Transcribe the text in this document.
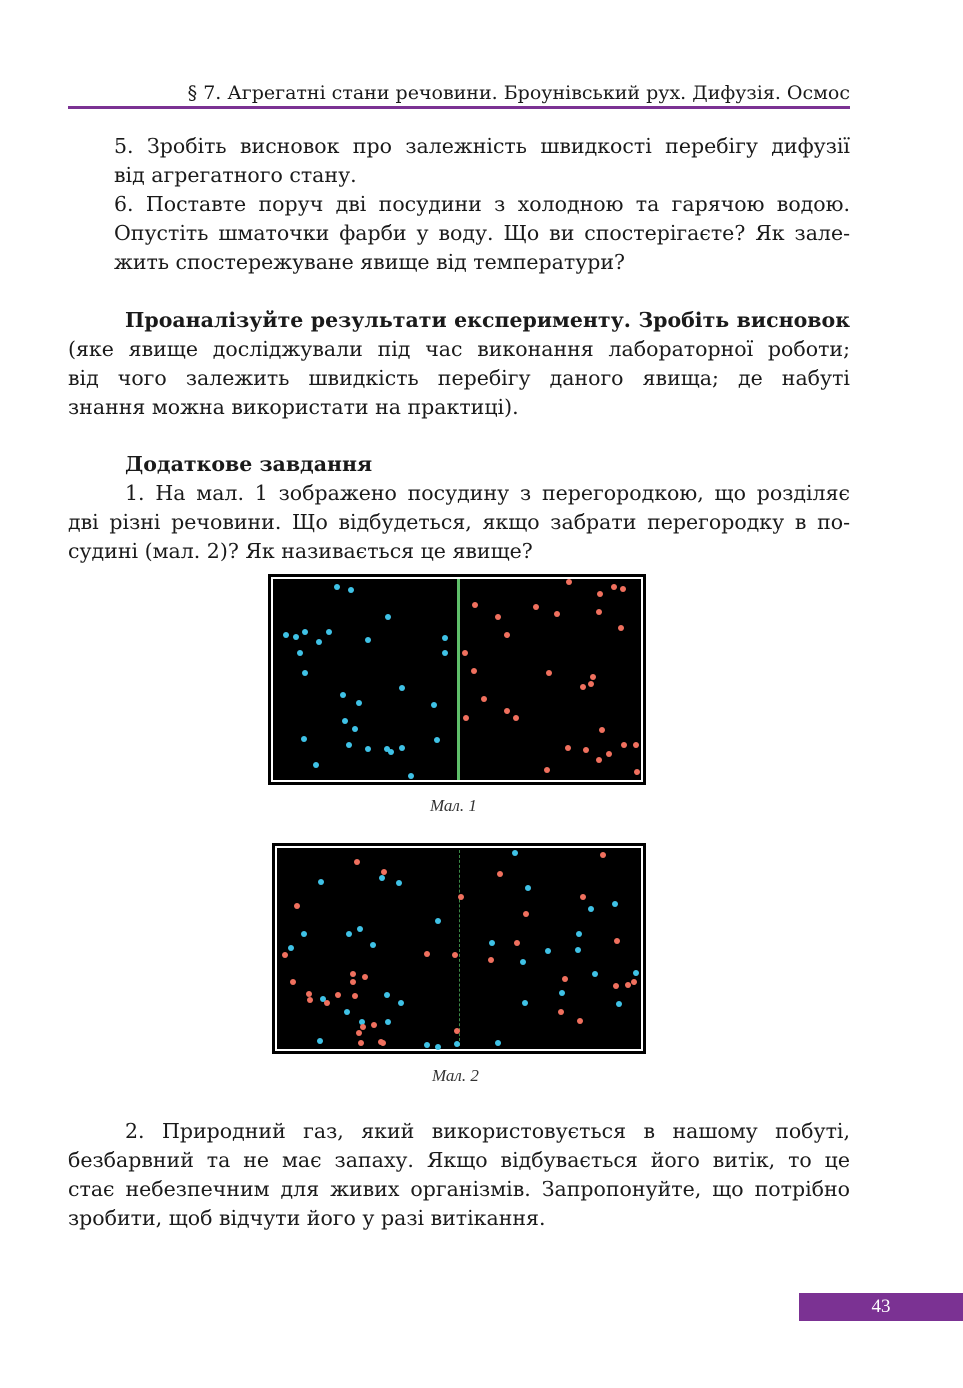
§ 7. Агрегатні стани речовини. Броунівський рух. Дифузія. Осмос

5. Зробіть висновок про залежність швидкості перебігу дифузії
від агрегатного стану.

6. Поставте поруч дві посудини з холодною та гарячою водою.
Опустіть шматочки фарби у воду. Що ви спостерігаєте? Як зале-
жить спостережуване явище від температури?

Проаналізуйте результати експерименту. Зробіть висновок
(яке явище досліджували під час виконання лабораторної роботи;
від чого залежить швидкість перебігу даного явища; де набуті
знання можна використати на практиці).

Додаткове завдання

1. На мал. 1 зображено посудину з перегородкою, що розділяє
дві різні речовини. Що відбудеться, якщо забрати перегородку в по-
судині (мал. 2)? Як називається це явище?

Мал. 1
Мал. 2

2. Природний газ, який використовується в нашому побуті,
безбарвний та не має запаху. Якщо відбувається його витік, то це
стає небезпечним для живих організмів. Запропонуйте, що потрібно
зробити, щоб відчути його у разі витікання.

43
